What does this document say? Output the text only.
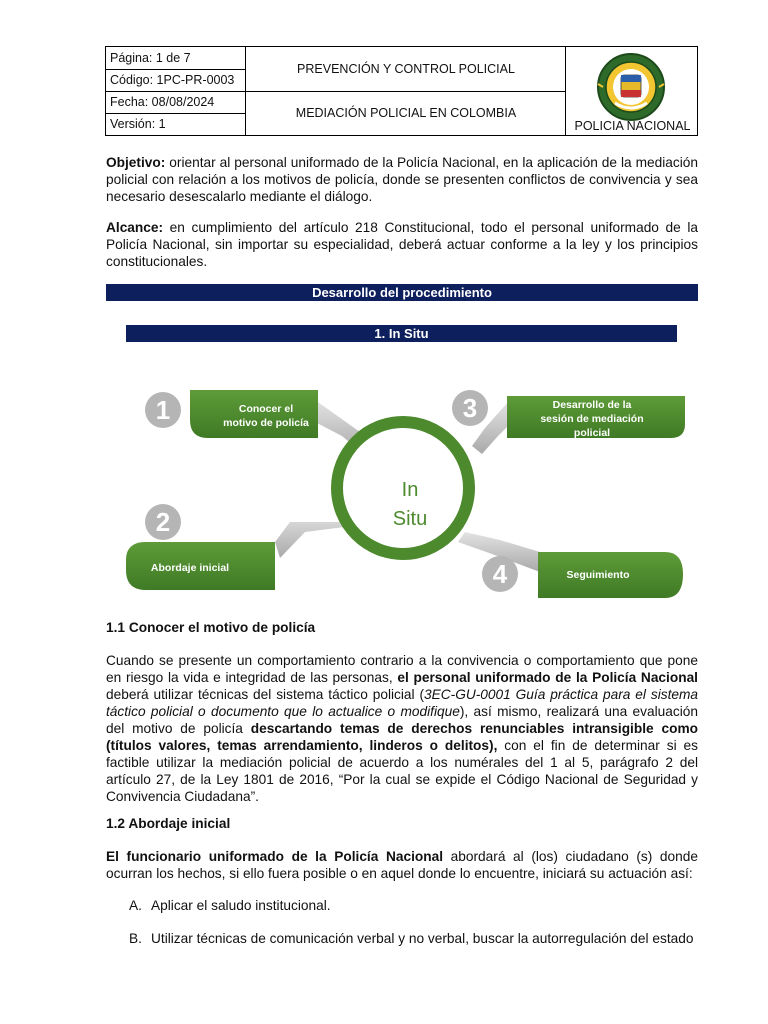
Página: 1 de 7
Código: 1PC-PR-0003
Fecha: 08/08/2024
Versión: 1
PREVENCIÓN Y CONTROL POLICIAL
MEDIACIÓN POLICIAL EN COLOMBIA
POLICIA NACIONAL

Objetivo: orientar al personal uniformado de la Policía Nacional, en la aplicación de la mediación policial con relación a los motivos de policía, donde se presenten conflictos de convivencia y sea necesario desescalarlo mediante el diálogo.

Alcance: en cumplimiento del artículo 218 Constitucional, todo el personal uniformado de la Policía Nacional, sin importar su especialidad, deberá actuar conforme a la ley y los principios constitucionales.

Desarrollo del procedimiento
1. In Situ
1
2
3
4
Conocer el
motivo de policía
Desarrollo de la
sesión de mediación
policial
Abordaje inicial
Seguimiento
In
Situ
1.1 Conocer el motivo de policía

Cuando se presente un comportamiento contrario a la convivencia o comportamiento que pone en riesgo la vida e integridad de las personas, el personal uniformado de la Policía Nacional deberá utilizar técnicas del sistema táctico policial (3EC-GU-0001 Guía práctica para el sistema táctico policial o documento que lo actualice o modifique), así mismo, realizará una evaluación del motivo de policía descartando temas de derechos renunciables intransigible como (títulos valores, temas arrendamiento, linderos o delitos), con el fin de determinar si es factible utilizar la mediación policial de acuerdo a los numérales del 1 al 5, parágrafo 2 del artículo 27, de la Ley 1801 de 2016, “Por la cual se expide el Código Nacional de Seguridad y Convivencia Ciudadana”.

1.2 Abordaje inicial

El funcionario uniformado de la Policía Nacional abordará al (los) ciudadano (s) donde ocurran los hechos, si ello fuera posible o en aquel donde lo encuentre, iniciará su actuación así:

A. Aplicar el saludo institucional.
B. Utilizar técnicas de comunicación verbal y no verbal, buscar la autorregulación del estado
